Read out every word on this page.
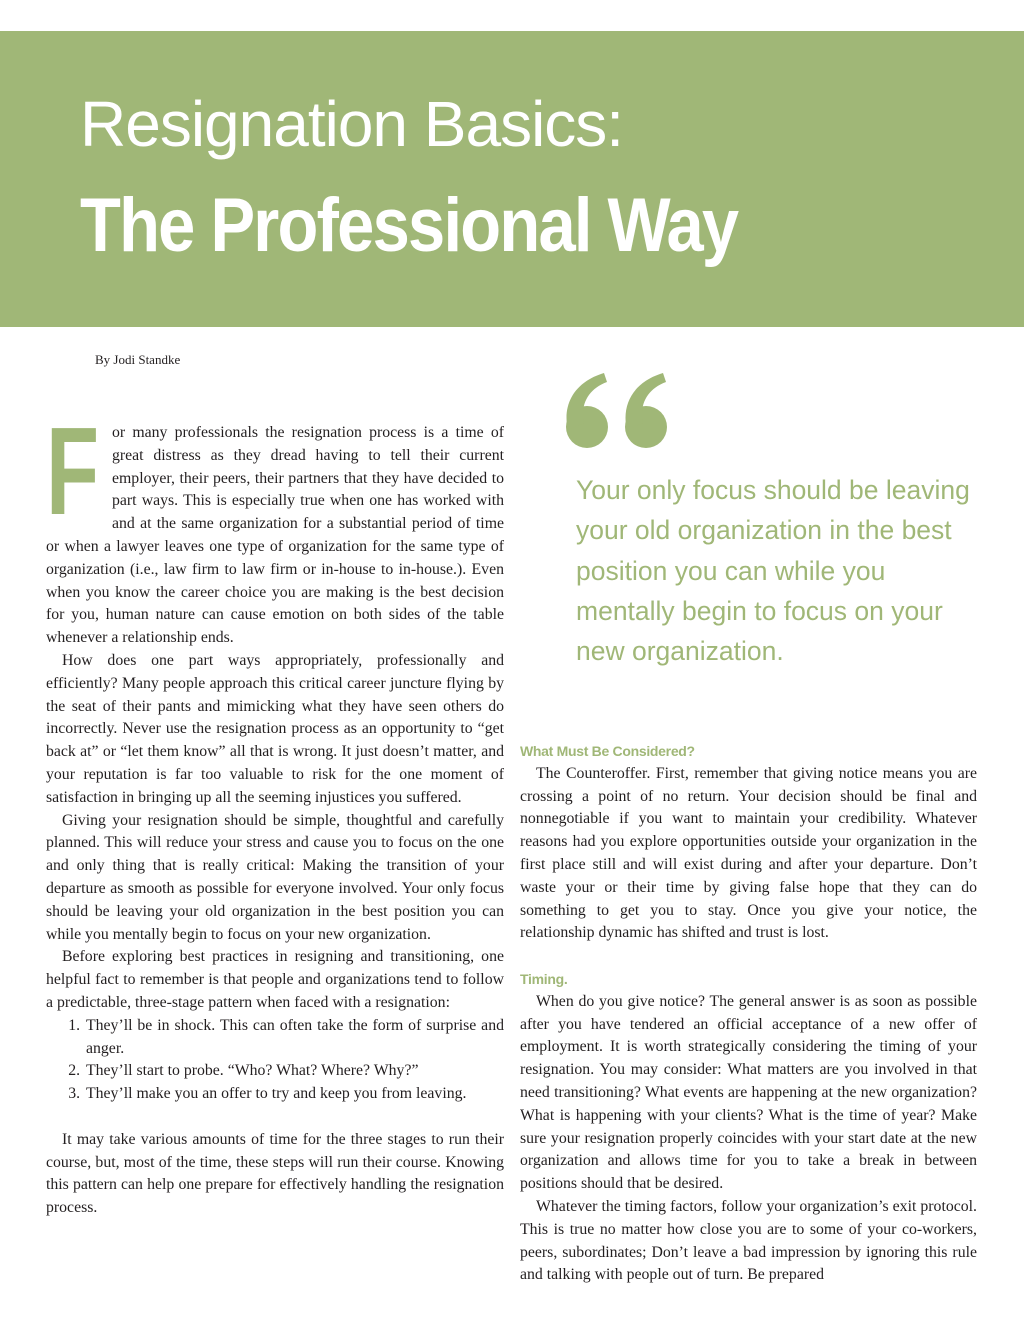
Resignation Basics:
The Professional Way
By Jodi Standke

For many professionals the resignation process is a time of great distress as they dread having to tell their current employer, their peers, their partners that they have decided to part ways. This is especially true when one has worked with and at the same organization for a substantial period of time or when a lawyer leaves one type of organization for the same type of organization (i.e., law firm to law firm or in-house to in-house.). Even when you know the career choice you are making is the best decision for you, human nature can cause emotion on both sides of the table whenever a relationship ends.

How does one part ways appropriately, professionally and efficiently? Many people approach this critical career juncture flying by the seat of their pants and mimicking what they have seen others do incorrectly. Never use the resignation process as an opportunity to “get back at” or “let them know” all that is wrong. It just doesn’t matter, and your reputation is far too valuable to risk for the one moment of satisfaction in bringing up all the seeming injustices you suffered.

Giving your resignation should be simple, thoughtful and carefully planned. This will reduce your stress and cause you to focus on the one and only thing that is really critical: Making the transition of your departure as smooth as possible for everyone involved. Your only focus should be leaving your old organization in the best position you can while you mentally begin to focus on your new organization.

Before exploring best practices in resigning and transitioning, one helpful fact to remember is that people and organizations tend to follow a predictable, three-stage pattern when faced with a resignation:

1. They’ll be in shock. This can often take the form of surprise and anger.
2. They’ll start to probe. “Who? What? Where? Why?”
3. They’ll make you an offer to try and keep you from leaving.

It may take various amounts of time for the three stages to run their course, but, most of the time, these steps will run their course. Knowing this pattern can help one prepare for effectively handling the resignation process.

Your only focus should be leaving your old organization in the best position you can while you mentally begin to focus on your new organization.
What Must Be Considered?

The Counteroffer. First, remember that giving notice means you are crossing a point of no return. Your decision should be final and nonnegotiable if you want to maintain your credibility. Whatever reasons had you explore opportunities outside your organization in the first place still and will exist during and after your departure. Don’t waste your or their time by giving false hope that they can do something to get you to stay. Once you give your notice, the relationship dynamic has shifted and trust is lost.

Timing.

When do you give notice? The general answer is as soon as possible after you have tendered an official acceptance of a new offer of employment. It is worth strategically considering the timing of your resignation. You may consider: What matters are you involved in that need transitioning? What events are happening at the new organization? What is happening with your clients? What is the time of year? Make sure your resignation properly coincides with your start date at the new organization and allows time for you to take a break in between positions should that be desired.

Whatever the timing factors, follow your organization’s exit protocol. This is true no matter how close you are to some of your co-workers, peers, subordinates; Don’t leave a bad impression by ignoring this rule and talking with people out of turn. Be prepared
